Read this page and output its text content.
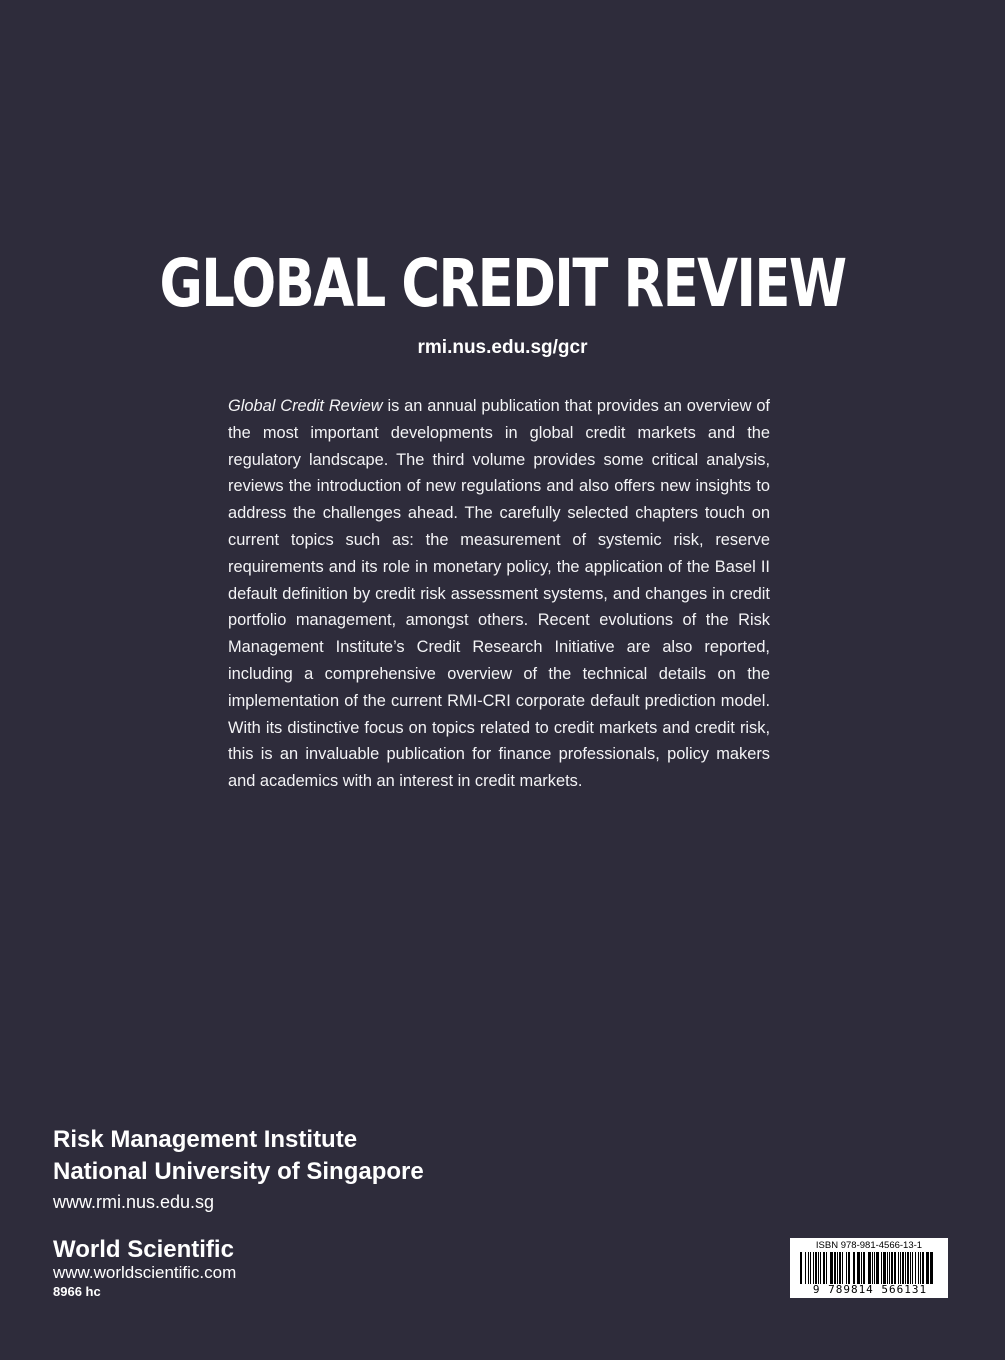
GLOBAL CREDIT REVIEW
rmi.nus.edu.sg/gcr
Global Credit Review is an annual publication that provides an overview of the most important developments in global credit markets and the regulatory landscape. The third volume provides some critical analysis, reviews the introduction of new regulations and also offers new insights to address the challenges ahead. The carefully selected chapters touch on current topics such as: the measurement of systemic risk, reserve requirements and its role in monetary policy, the application of the Basel II default definition by credit risk assessment systems, and changes in credit portfolio management, amongst others. Recent evolutions of the Risk Management Institute’s Credit Research Initiative are also reported, including a comprehensive overview of the technical details on the implementation of the current RMI-CRI corporate default prediction model. With its distinctive focus on topics related to credit markets and credit risk, this is an invaluable publication for finance professionals, policy makers and academics with an interest in credit markets.
Risk Management Institute
National University of Singapore
www.rmi.nus.edu.sg
World Scientific
www.worldscientific.com
8966 hc
ISBN 978-981-4566-13-1
9 789814 566131
